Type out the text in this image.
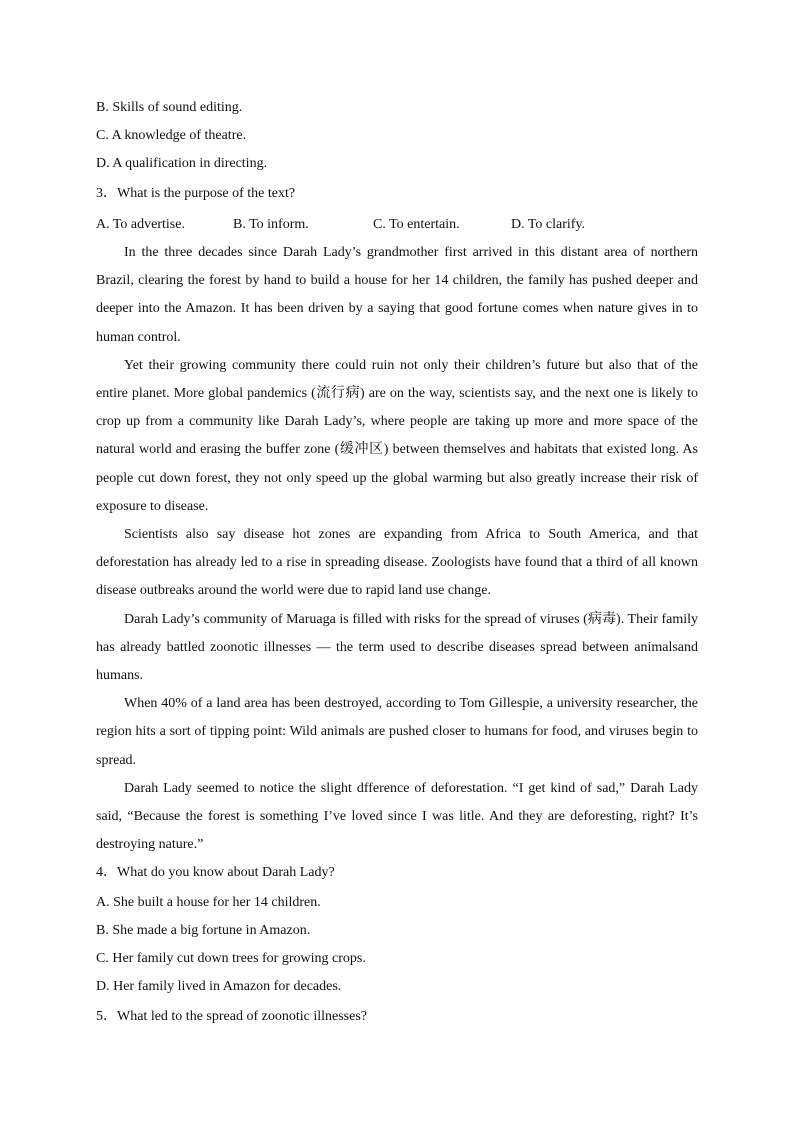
B. Skills of sound editing.
C. A knowledge of theatre.
D. A qualification in directing.
3．What is the purpose of the text?
A. To advertise.	B. To inform.	C. To entertain.	D. To clarify.

In the three decades since Darah Lady’s grandmother first arrived in this distant area of northern Brazil, clearing the forest by hand to build a house for her 14 children, the family has pushed deeper and deeper into the Amazon. It has been driven by a saying that good fortune comes when nature gives in to human control.

Yet their growing community there could ruin not only their children’s future but also that of the entire planet. More global pandemics (流行病) are on the way, scientists say, and the next one is likely to crop up from a community like Darah Lady’s, where people are taking up more and more space of the natural world and erasing the buffer zone (缓冲区) between themselves and habitats that existed long. As people cut down forest, they not only speed up the global warming but also greatly increase their risk of exposure to disease.

Scientists also say disease hot zones are expanding from Africa to South America, and that deforestation has already led to a rise in spreading disease. Zoologists have found that a third of all known disease outbreaks around the world were due to rapid land use change.

Darah Lady’s community of Maruaga is filled with risks for the spread of viruses (病毒). Their family has already battled zoonotic illnesses — the term used to describe diseases spread between animalsand humans.

When 40% of a land area has been destroyed, according to Tom Gillespie, a university researcher, the region hits a sort of tipping point: Wild animals are pushed closer to humans for food, and viruses begin to spread.

Darah Lady seemed to notice the slight dfference of deforestation. “I get kind of sad,” Darah Lady said, “Because the forest is something I’ve loved since I was litle. And they are deforesting, right? It’s destroying nature.”

4．What do you know about Darah Lady?
A. She built a house for her 14 children.
B. She made a big fortune in Amazon.
C. Her family cut down trees for growing crops.
D. Her family lived in Amazon for decades.
5．What led to the spread of zoonotic illnesses?
